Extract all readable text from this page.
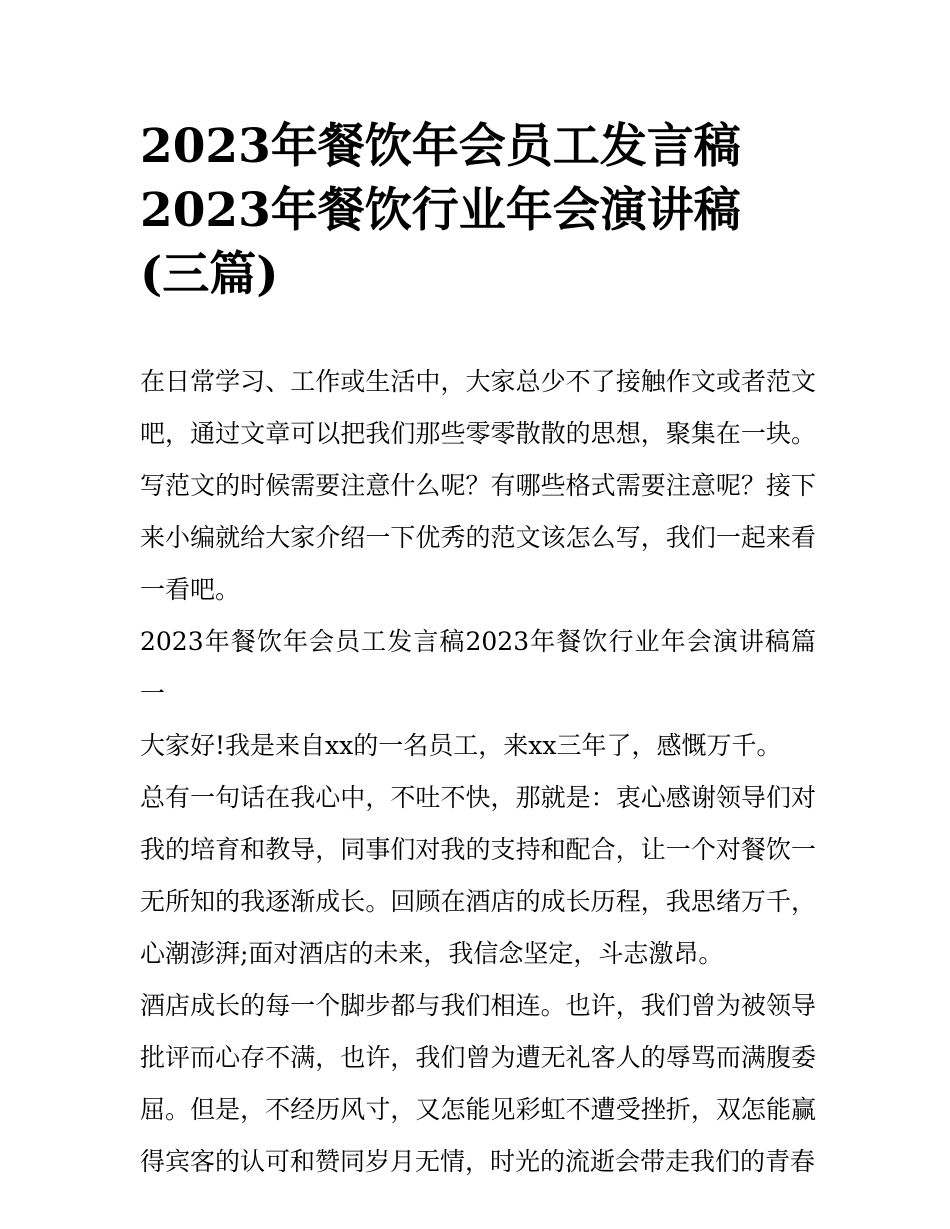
2023年餐饮年会员工发言稿
2023年餐饮行业年会演讲稿
(三篇)

在日常学习、工作或生活中，大家总少不了接触作文或者范文吧，通过文章可以把我们那些零零散散的思想，聚集在一块。写范文的时候需要注意什么呢？有哪些格式需要注意呢？接下来小编就给大家介绍一下优秀的范文该怎么写，我们一起来看一看吧。

2023年餐饮年会员工发言稿2023年餐饮行业年会演讲稿篇一

大家好!我是来自xx的一名员工，来xx三年了，感慨万千。

总有一句话在我心中，不吐不快，那就是：衷心感谢领导们对我的培育和教导，同事们对我的支持和配合，让一个对餐饮一无所知的我逐渐成长。回顾在酒店的成长历程，我思绪万千，心潮澎湃;面对酒店的未来，我信念坚定，斗志激昂。

酒店成长的每一个脚步都与我们相连。也许，我们曾为被领导批评而心存不满，也许，我们曾为遭无礼客人的辱骂而满腹委屈。但是，不经历风寸，又怎能见彩虹不遭受挫折，双怎能赢得宾客的认可和赞同岁月无情，时光的流逝会带走我们的青春
